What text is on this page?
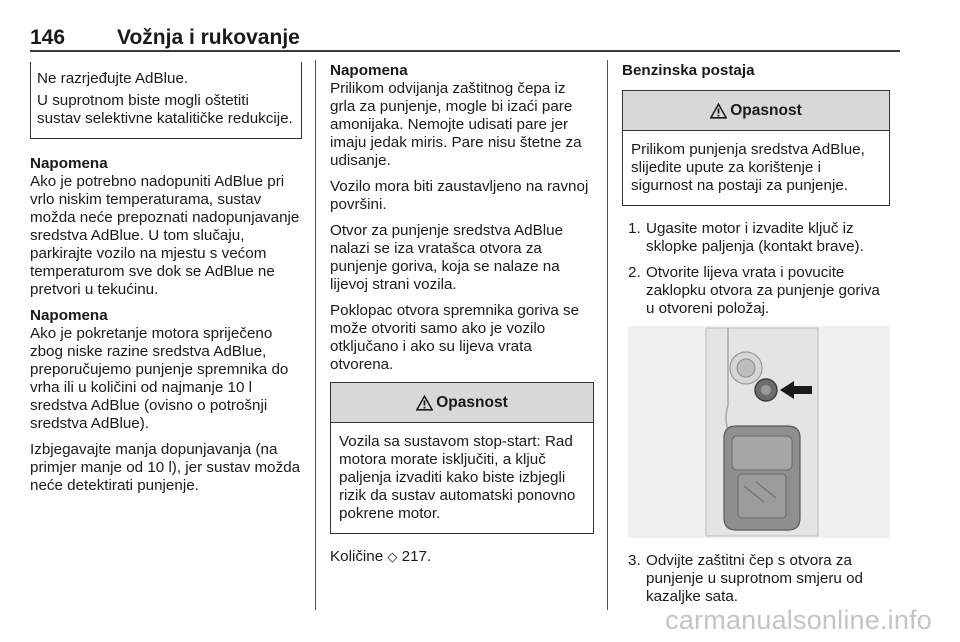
146 Vožnja i rukovanje
Ne razrjeđujte AdBlue.
U suprotnom biste mogli oštetiti sustav selektivne katalitičke redukcije.
Napomena
Ako je potrebno nadopuniti AdBlue pri vrlo niskim temperaturama, sustav možda neće prepoznati nadopunjavanje sredstva AdBlue. U tom slučaju, parkirajte vozilo na mjestu s većom temperaturom sve dok se AdBlue ne pretvori u tekućinu.
Napomena
Ako je pokretanje motora spriječeno zbog niske razine sredstva AdBlue, preporučujemo punjenje spremnika do vrha ili u količini od najmanje 10 l sredstva AdBlue (ovisno o potrošnji sredstva AdBlue).
Izbjegavajte manja dopunjavanja (na primjer manje od 10 l), jer sustav možda neće detektirati punjenje.
Napomena
Prilikom odvijanja zaštitnog čepa iz grla za punjenje, mogle bi izaći pare amonijaka. Nemojte udisati pare jer imaju jedak miris. Pare nisu štetne za udisanje.
Vozilo mora biti zaustavljeno na ravnoj površini.
Otvor za punjenje sredstva AdBlue nalazi se iza vratašca otvora za punjenje goriva, koja se nalaze na lijevoj strani vozila.
Poklopac otvora spremnika goriva se može otvoriti samo ako je vozilo otključano i ako su lijeva vrata otvorena.
Opasnost
Vozila sa sustavom stop-start: Rad motora morate isključiti, a ključ paljenja izvaditi kako biste izbjegli rizik da sustav automatski ponovno pokrene motor.
Količine ◇ 217.
Benzinska postaja
Opasnost
Prilikom punjenja sredstva AdBlue, slijedite upute za korištenje i sigurnost na postaji za punjenje.
1. Ugasite motor i izvadite ključ iz sklopke paljenja (kontakt brave).
2. Otvorite lijeva vrata i povucite zaklopku otvora za punjenje goriva u otvoreni položaj.
3. Odvijte zaštitni čep s otvora za punjenje u suprotnom smjeru od kazaljke sata.
carmanualsonline.info
